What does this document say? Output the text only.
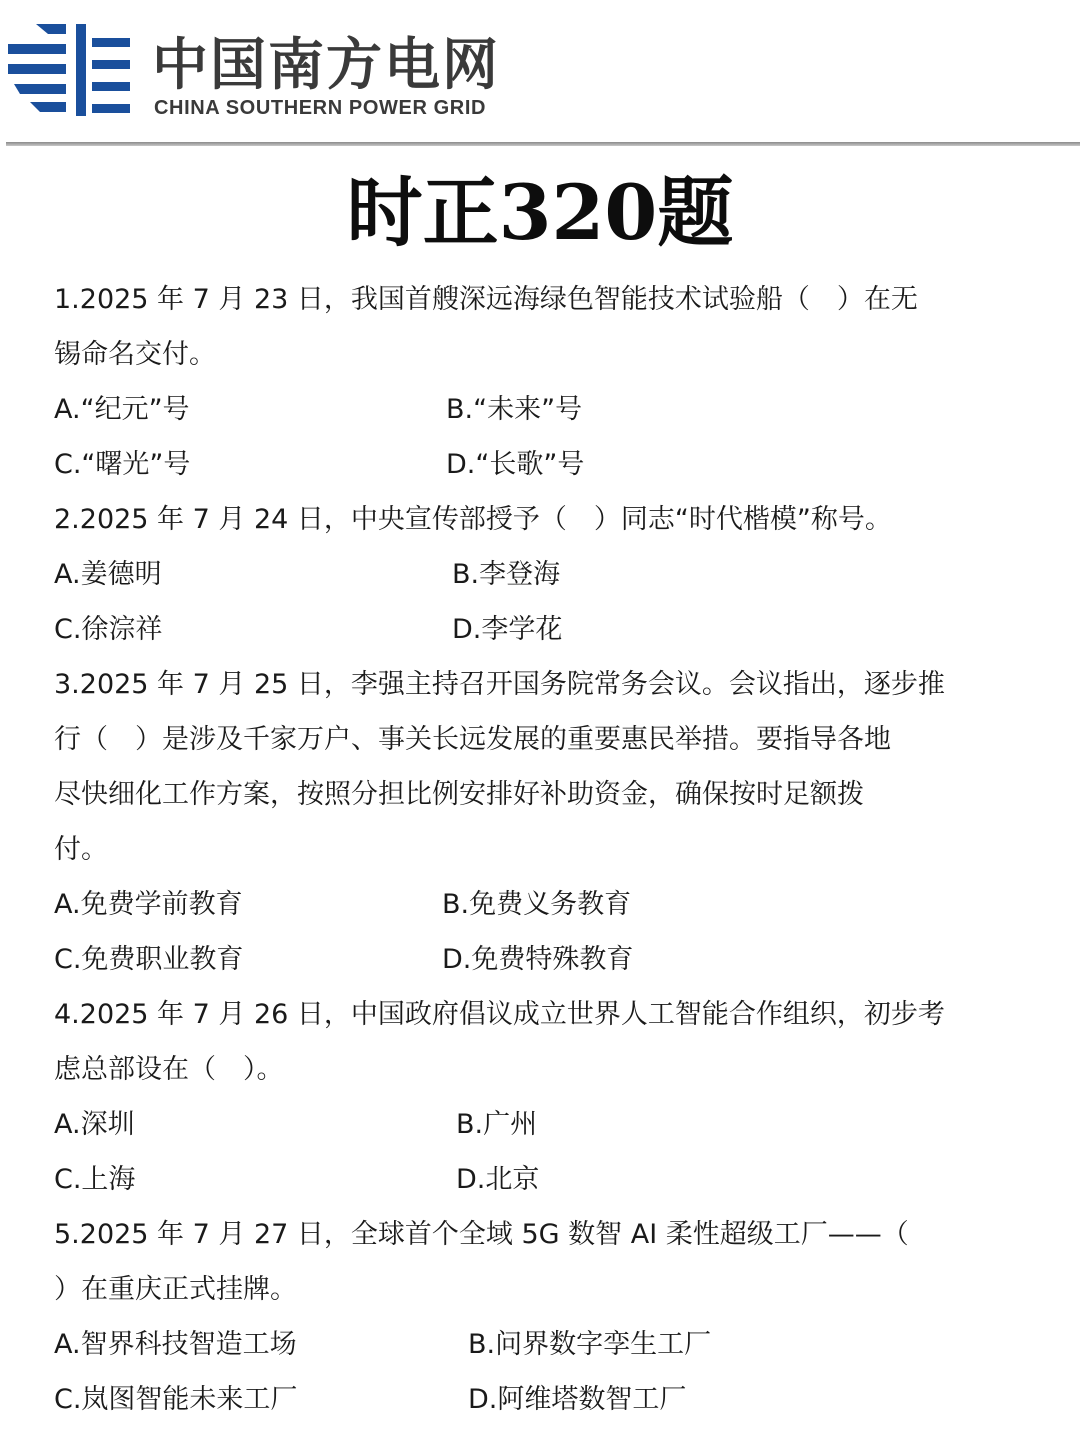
中国南方电网
CHINA SOUTHERN POWER GRID
时正320题
1.2025 年 7 月 23 日，我国首艘深远海绿色智能技术试验船（　）在无
锡命名交付。
A.“纪元”号	B.“未来”号
C.“曙光”号	D.“长歌”号
2.2025 年 7 月 24 日，中央宣传部授予（　）同志“时代楷模”称号。
A.姜德明	B.李登海
C.徐淙祥	D.李学花
3.2025 年 7 月 25 日，李强主持召开国务院常务会议。会议指出，逐步推
行（　）是涉及千家万户、事关长远发展的重要惠民举措。要指导各地
尽快细化工作方案，按照分担比例安排好补助资金，确保按时足额拨
付。
A.免费学前教育	B.免费义务教育
C.免费职业教育	D.免费特殊教育
4.2025 年 7 月 26 日，中国政府倡议成立世界人工智能合作组织，初步考
虑总部设在（　）。
A.深圳	B.广州
C.上海	D.北京
5.2025 年 7 月 27 日，全球首个全域 5G 数智 AI 柔性超级工厂——（
）在重庆正式挂牌。
A.智界科技智造工场	B.问界数字孪生工厂
C.岚图智能未来工厂	D.阿维塔数智工厂
